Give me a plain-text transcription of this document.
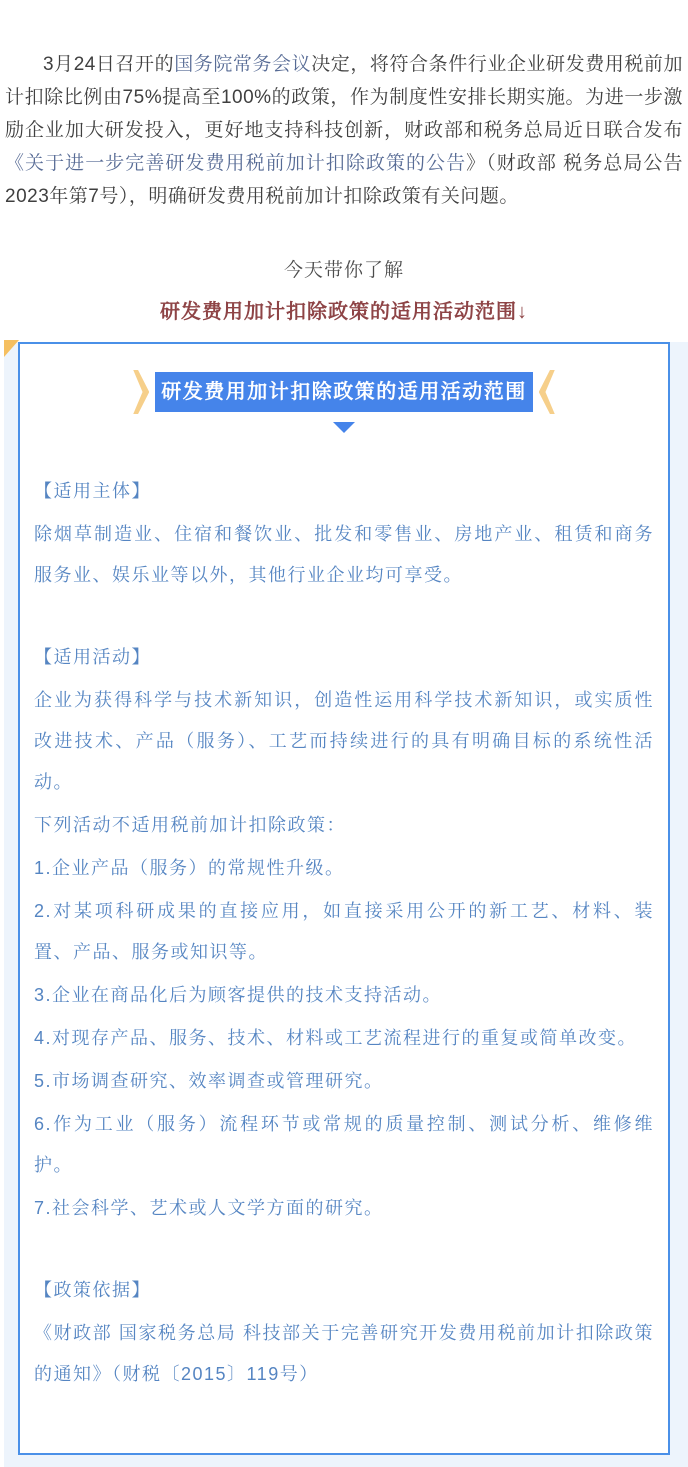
3月24日召开的国务院常务会议决定，将符合条件行业企业研发费用税前加计扣除比例由75%提高至100%的政策，作为制度性安排长期实施。为进一步激励企业加大研发投入，更好地支持科技创新，财政部和税务总局近日联合发布《关于进一步完善研发费用税前加计扣除政策的公告》（财政部 税务总局公告2023年第7号），明确研发费用税前加计扣除政策有关问题。

今天带你了解

研发费用加计扣除政策的适用活动范围↓

研发费用加计扣除政策的适用活动范围

【适用主体】

除烟草制造业、住宿和餐饮业、批发和零售业、房地产业、租赁和商务服务业、娱乐业等以外，其他行业企业均可享受。

【适用活动】

企业为获得科学与技术新知识，创造性运用科学技术新知识，或实质性改进技术、产品（服务）、工艺而持续进行的具有明确目标的系统性活动。

下列活动不适用税前加计扣除政策：

1.企业产品（服务）的常规性升级。

2.对某项科研成果的直接应用，如直接采用公开的新工艺、材料、装置、产品、服务或知识等。

3.企业在商品化后为顾客提供的技术支持活动。

4.对现存产品、服务、技术、材料或工艺流程进行的重复或简单改变。

5.市场调查研究、效率调查或管理研究。

6.作为工业（服务）流程环节或常规的质量控制、测试分析、维修维护。

7.社会科学、艺术或人文学方面的研究。

【政策依据】

《财政部 国家税务总局 科技部关于完善研究开发费用税前加计扣除政策的通知》（财税〔2015〕119号）
